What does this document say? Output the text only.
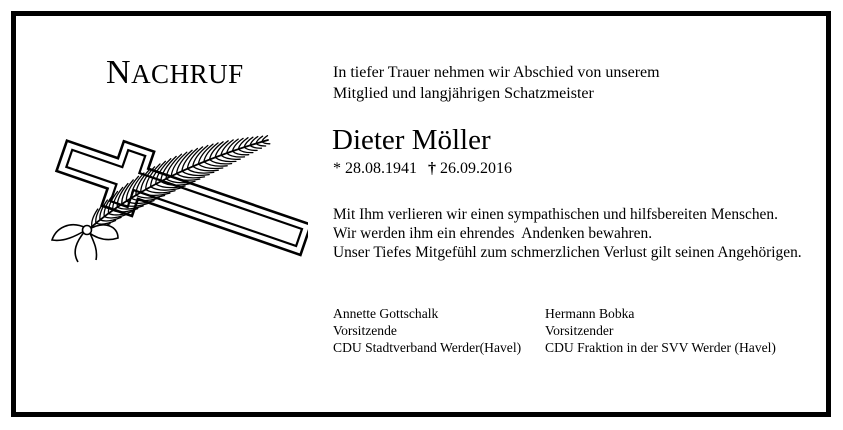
NACHRUF	In tiefer Trauer nehmen wir Abschied von unserem
Mitglied und langjährigen Schatzmeister
Dieter Möller
* 28.08.1941 † 26.09.2016
Mit Ihm verlieren wir einen sympathischen und hilfsbereiten Menschen.
Wir werden ihm ein ehrendes  Andenken bewahren.
Unser Tiefes Mitgefühl zum schmerzlichen Verlust gilt seinen Angehörigen.
Annette Gottschalk
Vorsitzende
CDU Stadtverband Werder(Havel)
Hermann Bobka
Vorsitzender
CDU Fraktion in der SVV Werder (Havel)
